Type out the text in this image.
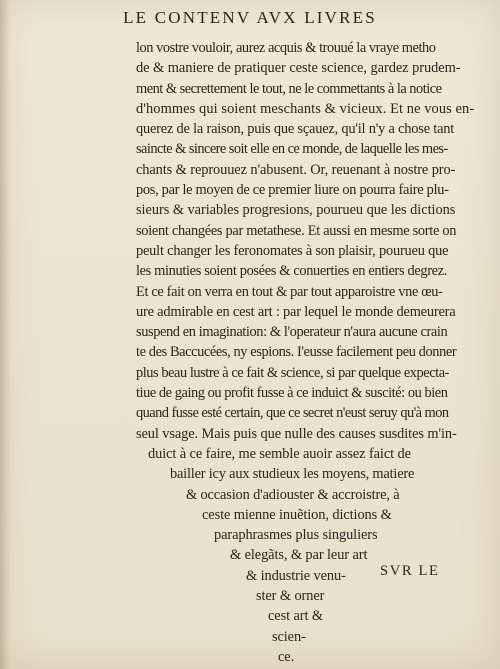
LE CONTENV AVX LIVRES
lon vostre vouloir, aurez acquis & trouué la vraye metho
de & maniere de pratiquer ceste science, gardez prudem-
ment & secrettement le tout, ne le commettants à la notice
d'hommes qui soient meschants & vicieux. Et ne vous en-
querez de la raison, puis que sçauez, qu'il n'y a chose tant
saincte & sincere soit elle en ce monde, de laquelle les mes-
chants & reprouuez n'abusent. Or, reuenant à nostre pro-
pos, par le moyen de ce premier liure on pourra faire plu-
sieurs & variables progresions, pourueu que les dictions
soient changées par metathese. Et aussi en mesme sorte on
peult changer les feronomates à son plaisir, pourueu que
les minuties soient posées & conuerties en entiers degrez.
Et ce fait on verra en tout & par tout apparoistre vne œu-
ure admirable en cest art : par lequel le monde demeurera
suspend en imagination: & l'operateur n'aura aucune crain
te des Baccucées, ny espions. I'eusse facilement peu donner
plus beau lustre à ce fait & science, si par quelque expecta-
tiue de gaing ou profit fusse à ce induict & suscité: ou bien
quand fusse esté certain, que ce secret n'eust seruy qu'à mon
seul vsage. Mais puis que nulle des causes susdites m'in-
duict à ce faire, me semble auoir assez faict de
bailler icy aux studieux les moyens, matiere
& occasion d'adiouster & accroistre, à
ceste mienne inuẽtion, dictions &
paraphrasmes plus singuliers
& elegãts, & par leur art
& industrie venu-
ster & orner
cest art &
scien-
ce.
SVR LE
